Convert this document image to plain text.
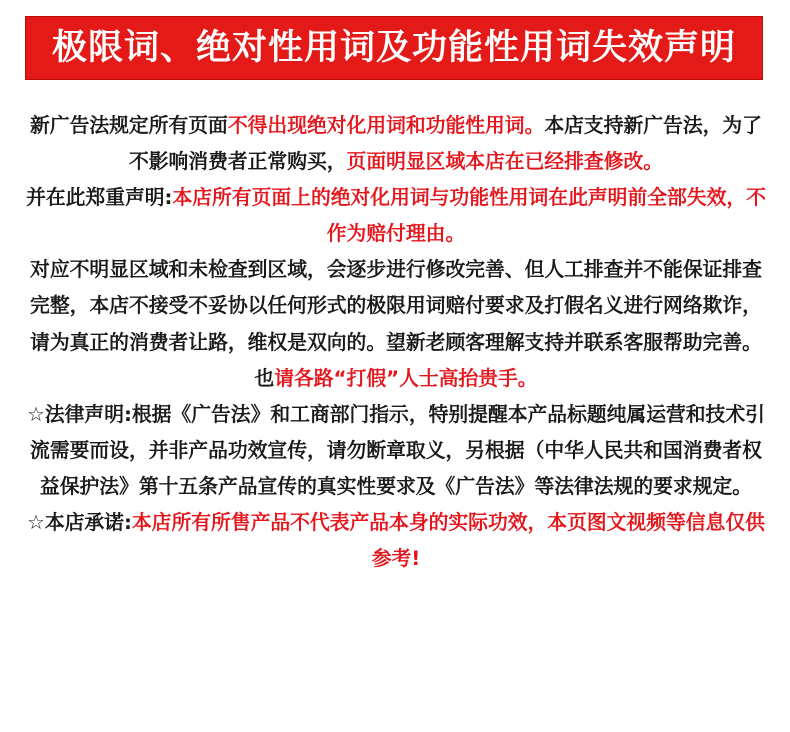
极限词、绝对性用词及功能性用词失效声明

新广告法规定所有页面不得出现绝对化用词和功能性用词。本店支持新广告法，为了不影响消费者正常购买，页面明显区域本店在已经排查修改。

并在此郑重声明:本店所有页面上的绝对化用词与功能性用词在此声明前全部失效，不作为赔付理由。

对应不明显区域和未检查到区域，会逐步进行修改完善、但人工排查并不能保证排查完整，本店不接受不妥协以任何形式的极限用词赔付要求及打假名义进行网络欺诈，请为真正的消费者让路，维权是双向的。望新老顾客理解支持并联系客服帮助完善。也请各路“打假”人士高抬贵手。

☆法律声明:根据《广告法》和工商部门指示，特别提醒本产品标题纯属运营和技术引流需要而设，并非产品功效宣传，请勿断章取义，另根据（中华人民共和国消费者权益保护法》第十五条产品宣传的真实性要求及《广告法》等法律法规的要求规定。

☆本店承诺:本店所有所售产品不代表产品本身的实际功效，本页图文视频等信息仅供参考!
